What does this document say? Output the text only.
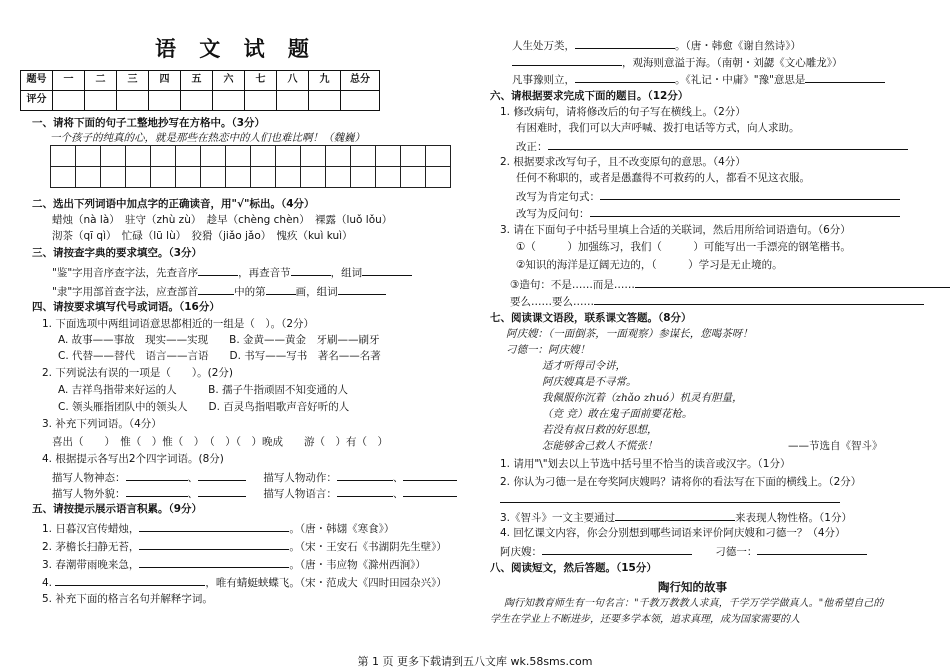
语 文 试 题
题号	一	二	三	四	五	六	七	八	九	总分
评分										
一、请将下面的句子工整地抄写在方格中。（3分）
一个孩子的纯真的心，就是那些在热恋中的人们也难比啊！（魏巍）

二、选出下列词语中加点字的正确读音，用"√"标出。（4分）
蜡烛（nà là）　驻守（zhù zù）　趁早（chèng chèn）　裸露（luǒ lǒu）
沏茶（qī qì）　忙碌（lū lù）　狡猾（jiǎo jǎo）　愧疚（kuì kuì）
三、请按查字典的要求填空。（3分）
"鉴"字用音序查字法，先查音序	，再查音节	，组词
"隶"字用部首查字法，应查部首	中的第	画，组词
四、请按要求填写代号或词语。（16分）
1. 下面选项中两组词语意思都相近的一组是（　）。（2分）
A. 故事——事故　现实——实现　　B. 金黄——黄金　牙刷——刷牙
C. 代替——替代　语言——言语　　D. 书写——写书　著名——名著
2. 下列说法有误的一项是（　　）。(2分)
A. 吉祥鸟指带来好运的人　　　B. 孺子牛指顽固不知变通的人
C. 领头雁指团队中的领头人　　D. 百灵鸟指唱歌声音好听的人
3. 补充下列词语。（4分）
喜出（　　）　惟（　）惟（　）　（　）（　）晚成　　游（　）有（　）
4. 根据提示各写出2个四字词语。(8分)
描写人物神态：	、	描写人物动作：	、
描写人物外貌：	、	描写人物语言：	、
五、请按提示展示语言积累。（9分）
1. 日暮汉宫传蜡烛，	。（唐・韩翃《寒食》）
2. 茅檐长扫静无苔，	。（宋・王安石《书湖阴先生壁》）
3. 春潮带雨晚来急，	。（唐・韦应物《滁州西涧》）
4.	，唯有蜻蜓蛱蝶飞。（宋・范成大《四时田园杂兴》）
5. 补充下面的格言名句并解释字词。
人生处万类，	。（唐・韩愈《谢自然诗》）
，观海则意溢于海。（南朝・刘勰《文心雕龙》）
凡事豫则立，	。《礼记・中庸》"豫"意思是
六、请根据要求完成下面的题目。（12分）
1. 修改病句，请将修改后的句子写在横线上。（2分）
有困难时，我们可以大声呼喊、拨打电话等方式，向人求助。
改正：
2. 根据要求改写句子，且不改变原句的意思。（4分）
任何不称职的，或者是愚蠢得不可救药的人，都看不见这衣服。
改写为肯定句式：
改写为反问句：
3. 请在下面句子中括号里填上合适的关联词，然后用所给词语造句。（6分）
①（　　　）加强练习，我们（　　　）可能写出一手漂亮的钢笔楷书。
②知识的海洋是辽阔无边的，（　　　）学习是无止境的。
③造句：不是……而是……
要么……要么……
七、阅读课文语段，联系课文答题。（8分）
阿庆嫂：（一面倒茶，一面观察）参谋长，您喝茶呀！
刁德一：阿庆嫂！
适才听得司令讲，
阿庆嫂真是不寻常。
我佩服你沉着（zhǎo zhuó）机灵有胆量，
（竞 竞）敢在鬼子面前要花枪。
若没有叔日救的好思想，
怎能够舍己救人不慌张！	——节选自《智斗》
1. 请用"\"划去以上节选中括号里不恰当的读音或汉字。（1分）
2. 你认为刁德一是在夸奖阿庆嫂吗？请将你的看法写在下面的横线上。（2分）
3.《智斗》一文主要通过	来表现人物性格。（1分）
4. 回忆课文内容，你会分别想到哪些词语来评价阿庆嫂和刁德一？（4分）
阿庆嫂：	刁德一：
八、阅读短文，然后答题。（15分）
陶行知的故事
陶行知教育师生有一句名言："千教万教教人求真，千学万学学做真人。"他希望自己的
学生在学业上不断进步，还要多学本领，追求真理，成为国家需要的人
第 1 页 更多下载请到五八文库 wk.58sms.com
